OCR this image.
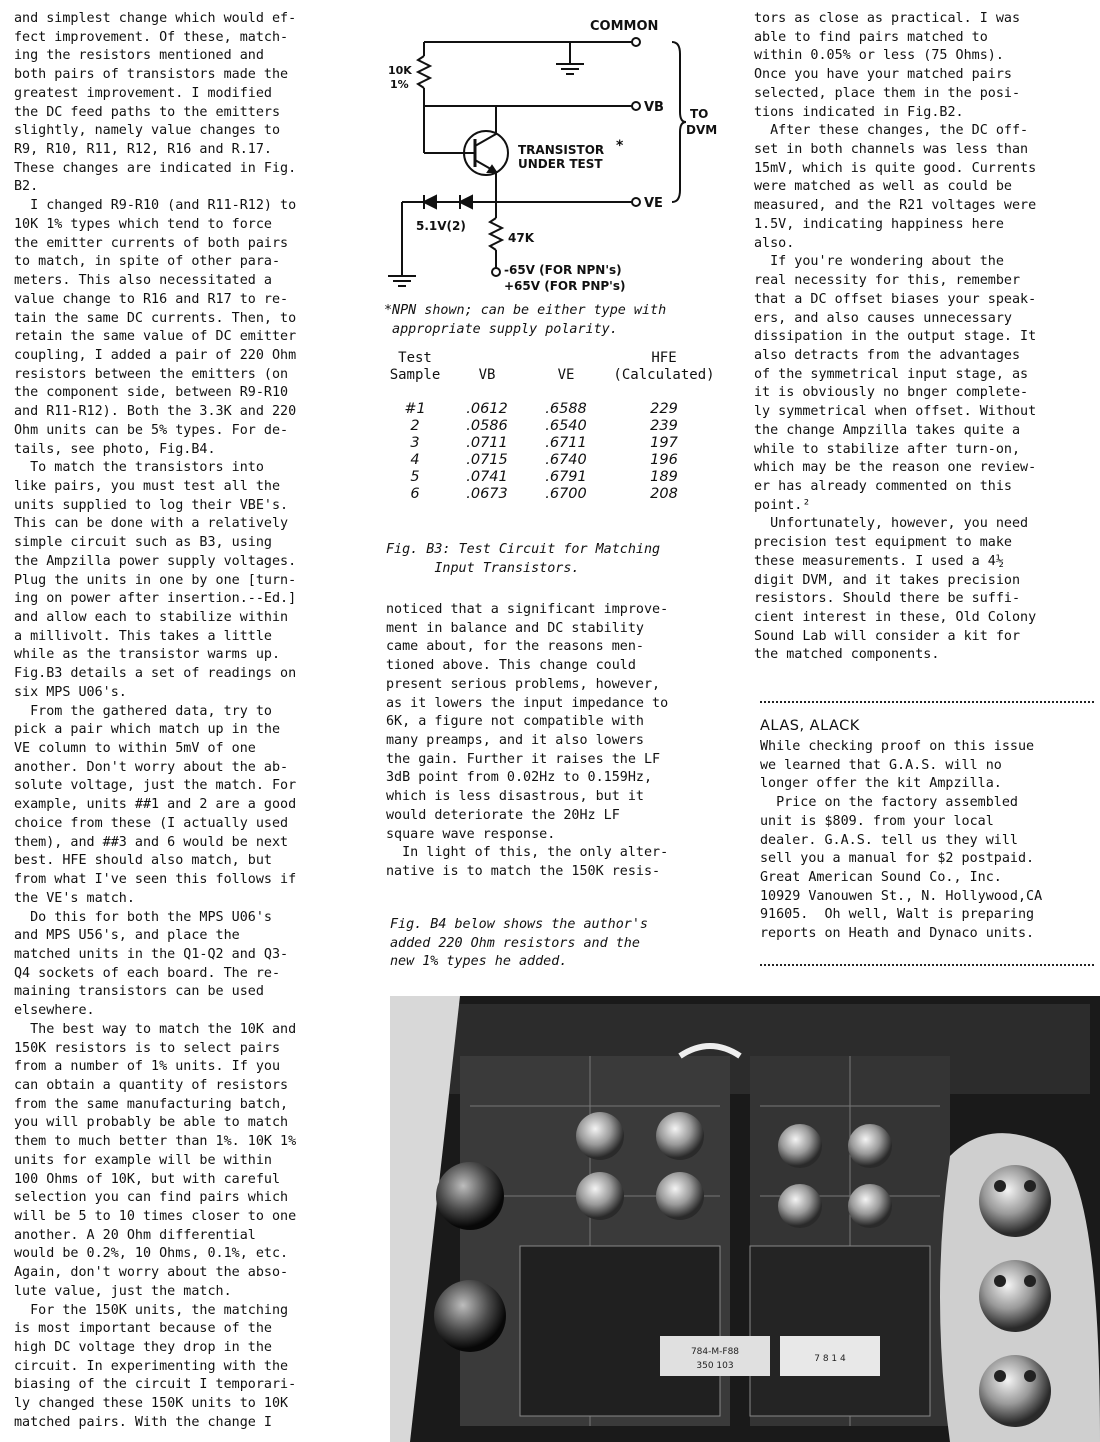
and simplest change which would ef-

fect improvement. Of these, match-

ing the resistors mentioned and

both pairs of transistors made the

greatest improvement. I modified

the DC feed paths to the emitters

slightly, namely value changes to

R9, R10, R11, R12, R16 and R.17.

These changes are indicated in Fig.

B2.

I changed R9-R10 (and R11-R12) to

10K 1% types which tend to force

the emitter currents of both pairs

to match, in spite of other para-

meters. This also necessitated a

value change to R16 and R17 to re-

tain the same DC currents. Then, to

retain the same value of DC emitter

coupling, I added a pair of 220 Ohm

resistors between the emitters (on

the component side, between R9-R10

and R11-R12). Both the 3.3K and 220

Ohm units can be 5% types. For de-

tails, see photo, Fig.B4.

To match the transistors into

like pairs, you must test all the

units supplied to log their VBE's.

This can be done with a relatively

simple circuit such as B3, using

the Ampzilla power supply voltages.

Plug the units in one by one [turn-

ing on power after insertion.--Ed.]

and allow each to stabilize within

a millivolt. This takes a little

while as the transistor warms up.

Fig.B3 details a set of readings on

six MPS U06's.

From the gathered data, try to

pick a pair which match up in the

VE column to within 5mV of one

another. Don't worry about the ab-

solute voltage, just the match. For

example, units ##1 and 2 are a good

choice from these (I actually used

them), and ##3 and 6 would be next

best. HFE should also match, but

from what I've seen this follows if

the VE's match.

Do this for both the MPS U06's

and MPS U56's, and place the

matched units in the Q1-Q2 and Q3-

Q4 sockets of each board. The re-

maining transistors can be used

elsewhere.

The best way to match the 10K and

150K resistors is to select pairs

from a number of 1% units. If you

can obtain a quantity of resistors

from the same manufacturing batch,

you will probably be able to match

them to much better than 1%. 10K 1%

units for example will be within

100 Ohms of 10K, but with careful

selection you can find pairs which

will be 5 to 10 times closer to one

another. A 20 Ohm differential

would be 0.2%, 10 Ohms, 0.1%, etc.

Again, don't worry about the abso-

lute value, just the match.

For the 150K units, the matching

is most important because of the

high DC voltage they drop in the

circuit. In experimenting with the

biasing of the circuit I temporari-

ly changed these 150K units to 10K

matched pairs. With the change I

COMMON
10K
1%
VB
TRANSISTOR *
UNDER TEST
VE
5.1V(2)
47K
-65V (FOR NPN's)
+65V (FOR PNP's)
TO
DVM

*NPN shown; can be either type with

appropriate supply polarity.

Test			HFE
Sample	VB	VE	(Calculated)

#1	.0612	.6588	229
2	.0586	.6540	239
3	.0711	.6711	197
4	.0715	.6740	196
5	.0741	.6791	189
6	.0673	.6700	208

Fig. B3: Test Circuit for Matching

Input Transistors.

noticed that a significant improve-

ment in balance and DC stability

came about, for the reasons men-

tioned above. This change could

present serious problems, however,

as it lowers the input impedance to

6K, a figure not compatible with

many preamps, and it also lowers

the gain. Further it raises the LF

3dB point from 0.02Hz to 0.159Hz,

which is less disastrous, but it

would deteriorate the 20Hz LF

square wave response.

In light of this, the only alter-

native is to match the 150K resis-

Fig. B4 below shows the author's

added 220 Ohm resistors and the

new 1% types he added.

tors as close as practical. I was

able to find pairs matched to

within 0.05% or less (75 Ohms).

Once you have your matched pairs

selected, place them in the posi-

tions indicated in Fig.B2.

After these changes, the DC off-

set in both channels was less than

15mV, which is quite good. Currents

were matched as well as could be

measured, and the R21 voltages were

1.5V, indicating happiness here

also.

If you're wondering about the

real necessity for this, remember

that a DC offset biases your speak-

ers, and also causes unnecessary

dissipation in the output stage. It

also detracts from the advantages

of the symmetrical input stage, as

it is obviously no bnger complete-

ly symmetrical when offset. Without

the change Ampzilla takes quite a

while to stabilize after turn-on,

which may be the reason one review-

er has already commented on this

point.²

Unfortunately, however, you need

precision test equipment to make

these measurements. I used a 4½

digit DVM, and it takes precision

resistors. Should there be suffi-

cient interest in these, Old Colony

Sound Lab will consider a kit for

the matched components.

ALAS, ALACK

While checking proof on this issue

we learned that G.A.S. will no

longer offer the kit Ampzilla.

Price on the factory assembled

unit is $809. from your local

dealer. G.A.S. tell us they will

sell you a manual for $2 postpaid.

Great American Sound Co., Inc.

10929 Vanouwen St., N. Hollywood,CA

91605.  Oh well, Walt is preparing

reports on Heath and Dynaco units.

784-M-F88
350 103
7 8 1 4
